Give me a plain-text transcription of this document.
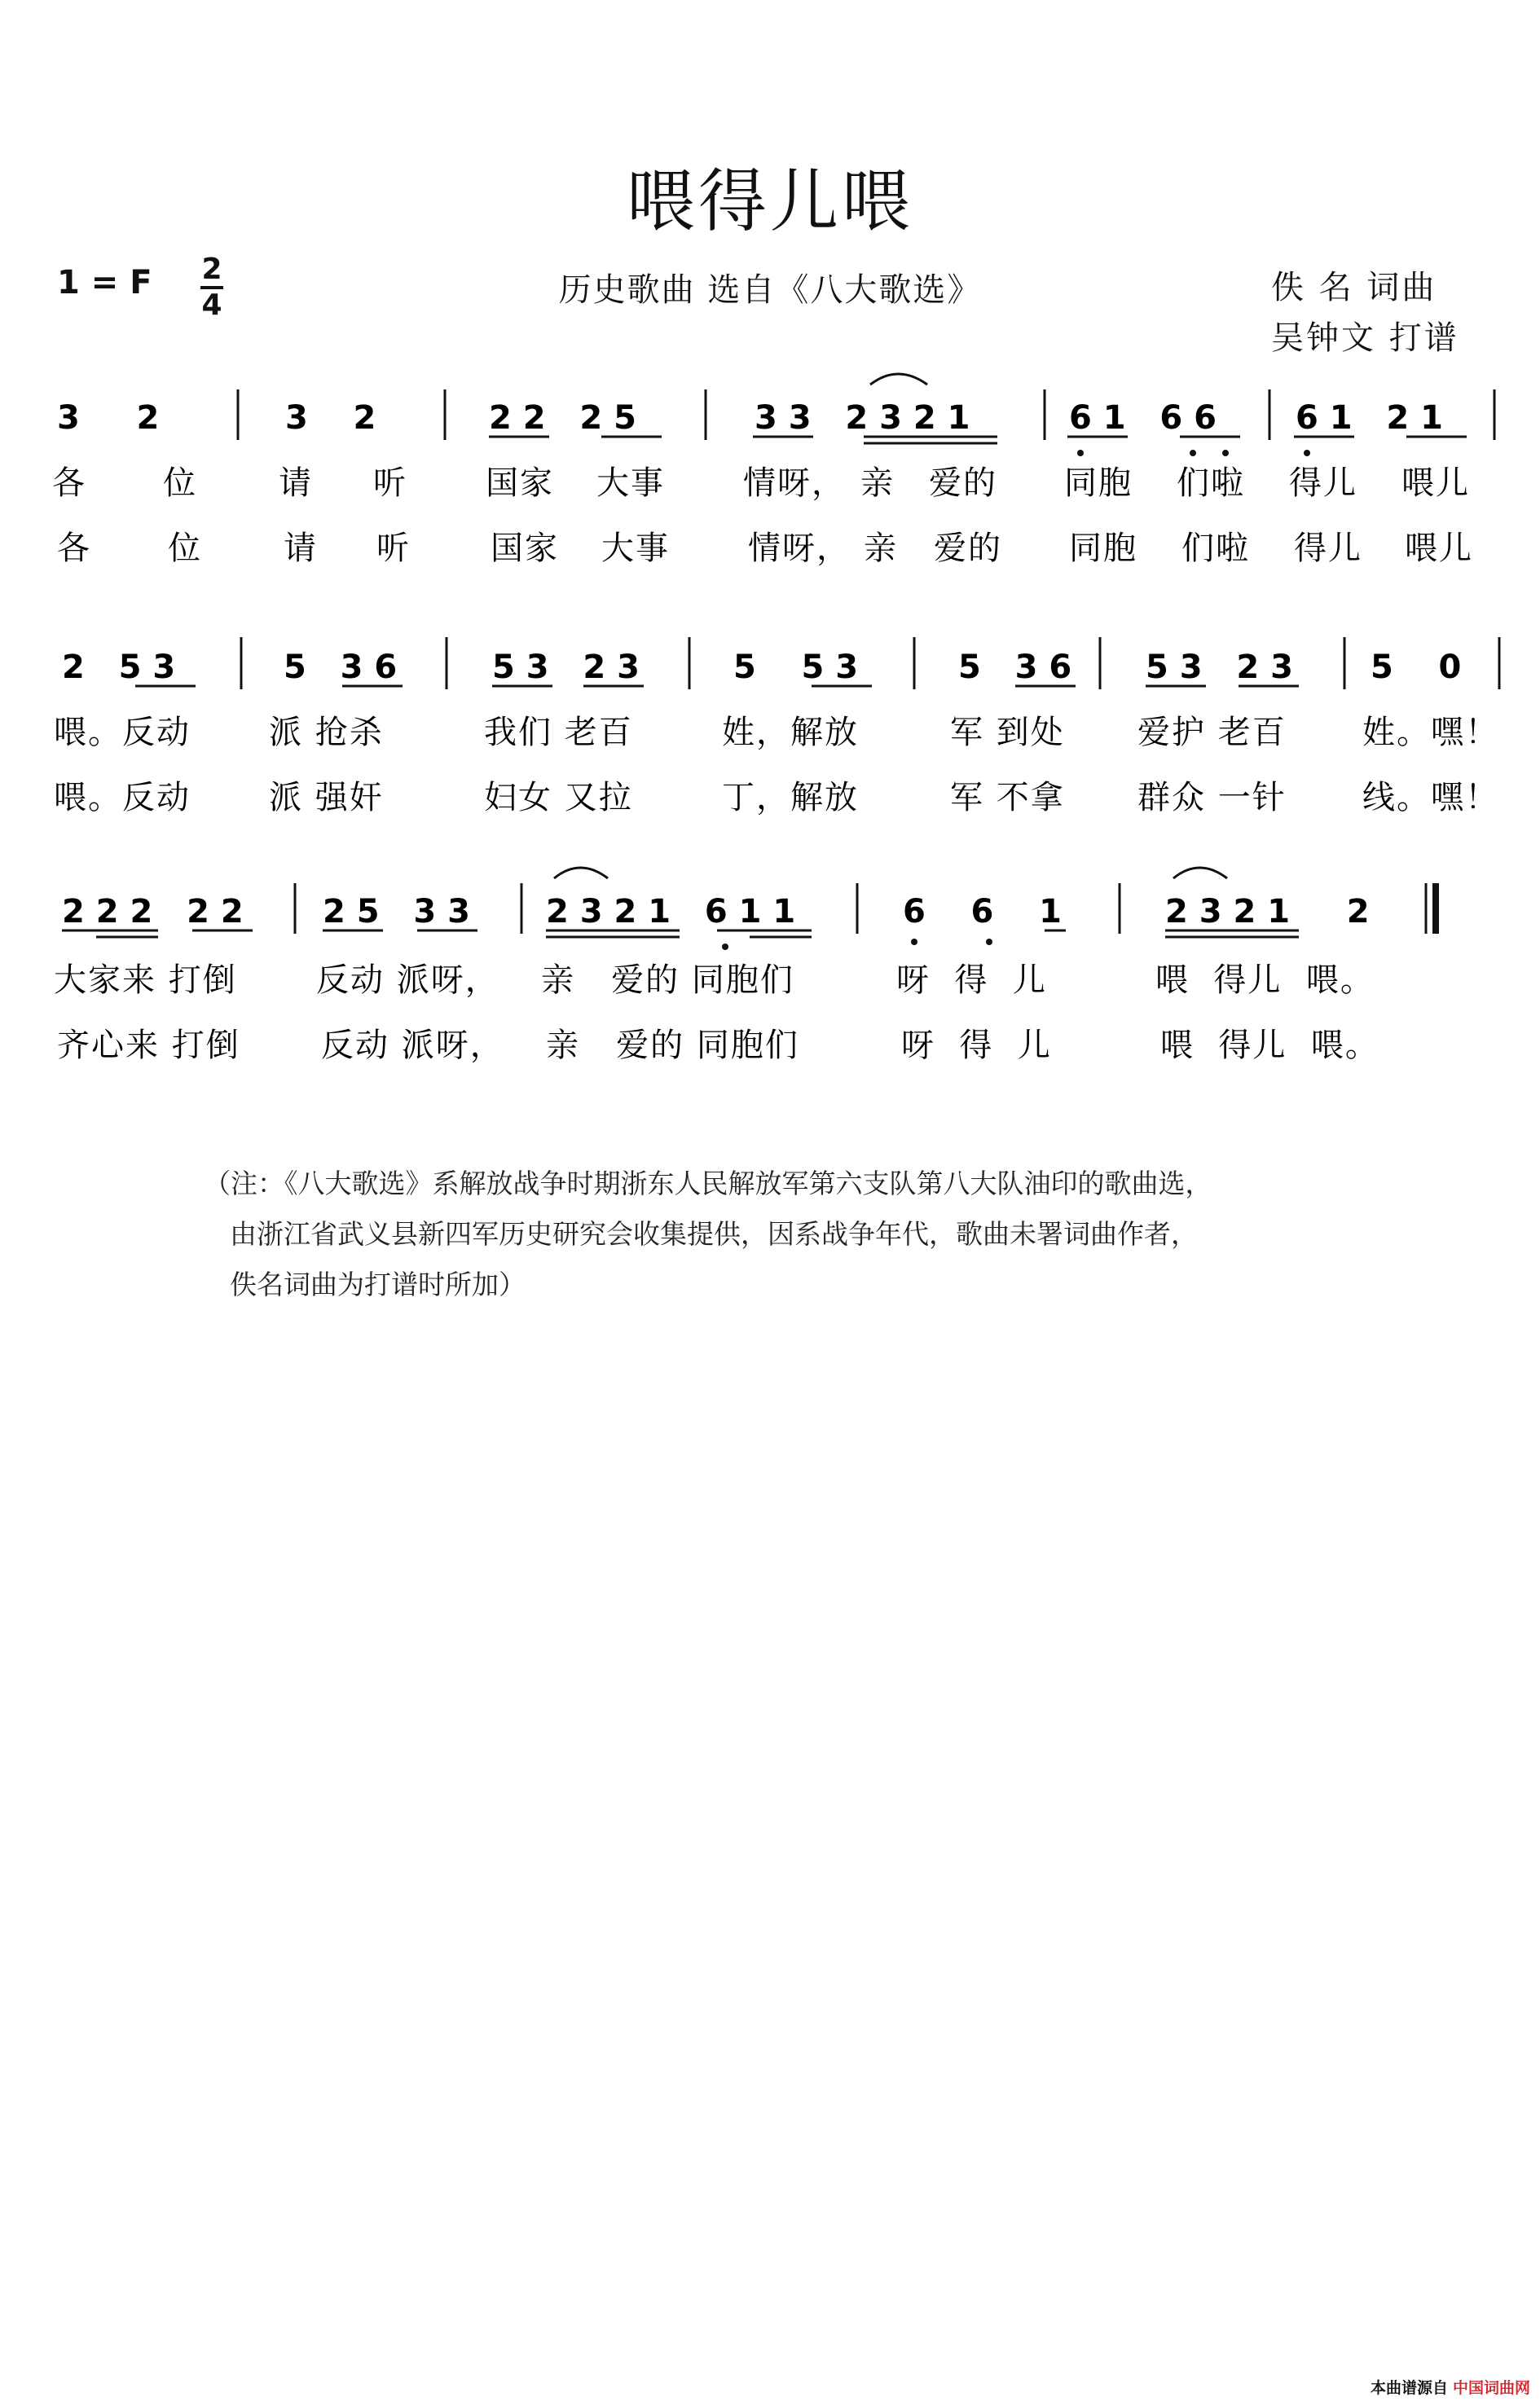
喂得儿喂
1 = F 2
4	历史歌曲 选自《八大歌选》	佚 名 词曲
吴钟文 打谱
3     2	3    2	2 2   2 5	3 3   2 3 2 1	6 1   6 6 6 1   2 1
各 位	请 听 国家 大事 情呀， 亲 爱的 同胞 们啦 得儿 喂儿
各 位	请 听 国家 大事 情呀， 亲 爱的 同胞 们啦 得儿 喂儿
2   5 3	5   3 6	5 3   2 3	5    5 3	5   3 6 5 3   2 3 5    0
喂。反动 派 抢杀	我们 老百	姓，解放	军 到处 爱护 老百 姓。嘿！
喂。反动 派 强奸	妇女 又拉	丁，解放	军 不拿 群众 一针 线。嘿！
2 2 2   2 2 2 5   3 3 2 3 2 1   6 1 1	6    6    1	2 3 2 1     2
大家来 打倒 反动 派呀， 亲   爱的 同胞们	呀  得  儿	喂  得儿  喂。
齐心来 打倒 反动 派呀， 亲   爱的 同胞们	呀  得  儿	喂  得儿  喂。
（注：《八大歌选》系解放战争时期浙东人民解放军第六支队第八大队油印的歌曲选，
由浙江省武义县新四军历史研究会收集提供，因系战争年代，歌曲未署词曲作者，
佚名词曲为打谱时所加）
本曲谱源自 中国词曲网
